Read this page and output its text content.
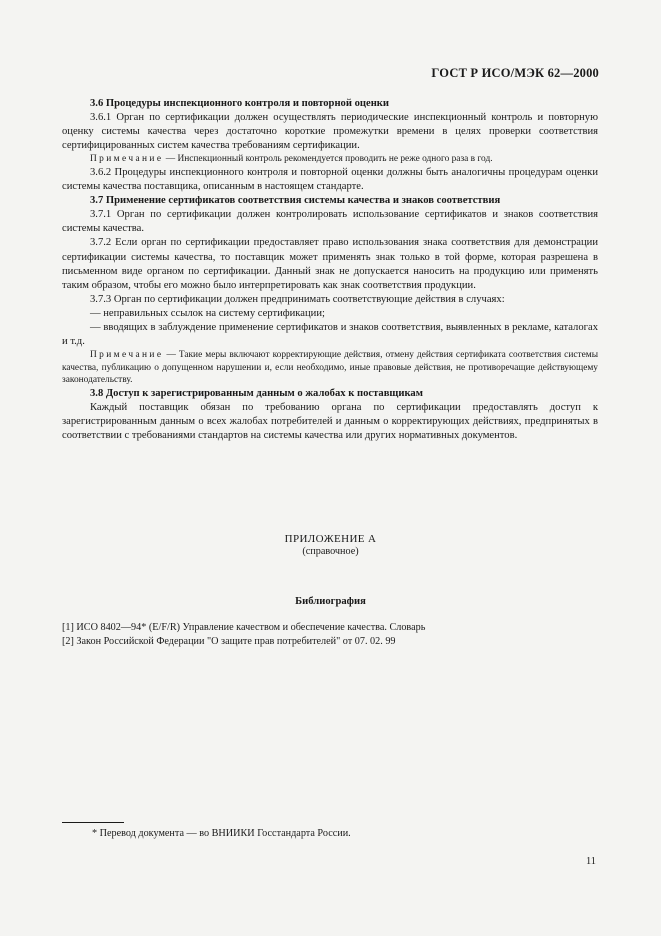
ГОСТ Р ИСО/МЭК 62—2000

3.6 Процедуры инспекционного контроля и повторной оценки

3.6.1 Орган по сертификации должен осуществлять периодические инспекционный контроль и повторную оценку системы качества через достаточно короткие промежутки времени в целях проверки соответствия сертифицированных систем качества требованиям сертификации.

Примечание — Инспекционный контроль рекомендуется проводить не реже одного раза в год.

3.6.2 Процедуры инспекционного контроля и повторной оценки должны быть аналогичны процедурам оценки системы качества поставщика, описанным в настоящем стандарте.

3.7 Применение сертификатов соответствия системы качества и знаков соответствия

3.7.1 Орган по сертификации должен контролировать использование сертификатов и знаков соответствия системы качества.

3.7.2 Если орган по сертификации предоставляет право использования знака соответствия для демонстрации сертификации системы качества, то поставщик может применять знак только в той форме, которая разрешена в письменном виде органом по сертификации. Данный знак не допускается наносить на продукцию или применять таким образом, чтобы его можно было интерпретировать как знак соответствия продукции.

3.7.3 Орган по сертификации должен предпринимать соответствующие действия в случаях:

— неправильных ссылок на систему сертификации;

— вводящих в заблуждение применение сертификатов и знаков соответствия, выявленных в рекламе, каталогах и т.д.

Примечание — Такие меры включают корректирующие действия, отмену действия сертификата соответствия системы качества, публикацию о допущенном нарушении и, если необходимо, иные правовые действия, не противоречащие действующему законодательству.

3.8 Доступ к зарегистрированным данным о жалобах к поставщикам

Каждый поставщик обязан по требованию органа по сертификации предоставлять доступ к зарегистрированным данным о всех жалобах потребителей и данным о корректирующих действиях, предпринятых в соответствии с требованиями стандартов на системы качества или других нормативных документов.

ПРИЛОЖЕНИЕ А
(справочное)
Библиография
[1] ИСО 8402—94* (E/F/R) Управление качеством и обеспечение качества. Словарь
[2] Закон Российской Федерации "О защите прав потребителей" от 07. 02. 99
* Перевод документа — во ВНИИКИ Госстандарта России.
11
